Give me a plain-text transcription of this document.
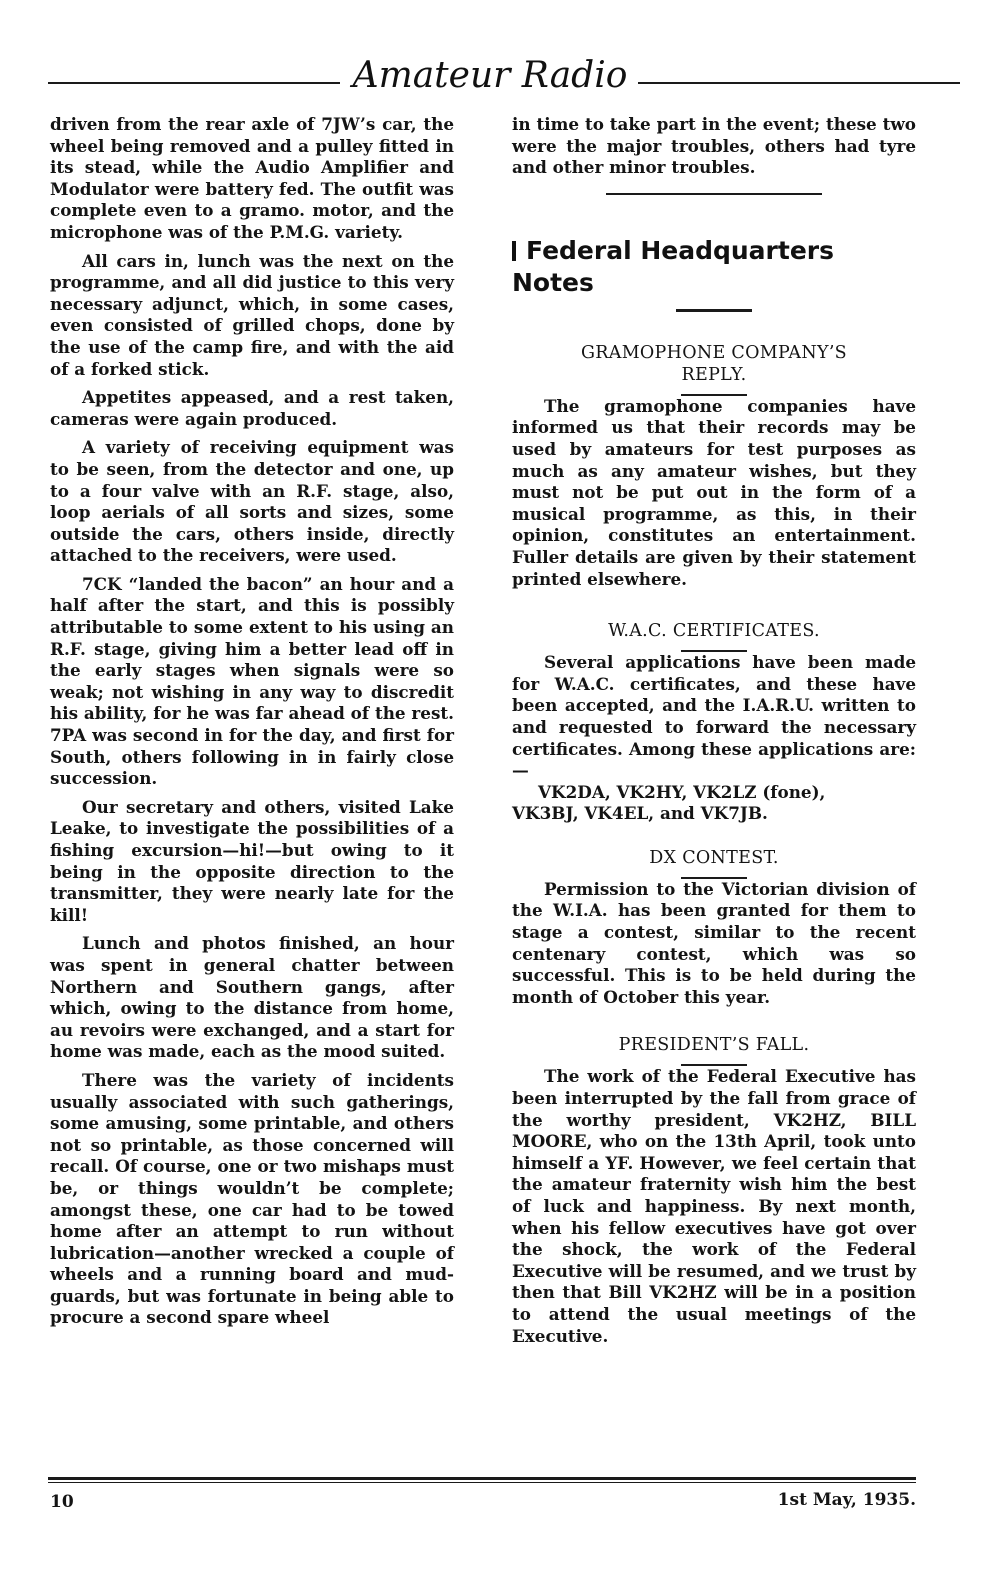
Amateur Radio

driven from the rear axle of 7JW’s car, the wheel being removed and a pulley fitted in its stead, while the Audio Amplifier and Modulator were battery fed. The outfit was complete even to a gramo. motor, and the microphone was of the P.M.G. variety.

All cars in, lunch was the next on the programme, and all did justice to this very necessary adjunct, which, in some cases, even consisted of grilled chops, done by the use of the camp fire, and with the aid of a forked stick.

Appetites appeased, and a rest taken, cameras were again produced.

A variety of receiving equipment was to be seen, from the detector and one, up to a four valve with an R.F. stage, also, loop aerials of all sorts and sizes, some outside the cars, others inside, directly attached to the receivers, were used.

7CK “landed the bacon” an hour and a half after the start, and this is possibly attributable to some extent to his using an R.F. stage, giving him a better lead off in the early stages when signals were so weak; not wishing in any way to discredit his ability, for he was far ahead of the rest. 7PA was second in for the day, and first for South, others following in in fairly close succession.

Our secretary and others, visited Lake Leake, to investigate the possibilities of a fishing excursion—hi!—but owing to it being in the opposite direction to the transmitter, they were nearly late for the kill!

Lunch and photos finished, an hour was spent in general chatter between Northern and Southern gangs, after which, owing to the distance from home, au revoirs were exchanged, and a start for home was made, each as the mood suited.

There was the variety of incidents usually associated with such gatherings, some amusing, some printable, and others not so printable, as those concerned will recall. Of course, one or two mishaps must be, or things wouldn’t be complete; amongst these, one car had to be towed home after an attempt to run without lubrication—another wrecked a couple of wheels and a running board and mudguards, but was fortunate in being able to procure a second spare wheel

in time to take part in the event; these two were the major troubles, others had tyre and other minor troubles.

Federal Headquarters Notes
GRAMOPHONE COMPANY’S
REPLY.

The gramophone companies have informed us that their records may be used by amateurs for test purposes as much as any amateur wishes, but they must not be put out in the form of a musical programme, as this, in their opinion, constitutes an entertainment. Fuller details are given by their statement printed elsewhere.

W.A.C. CERTIFICATES.

Several applications have been made for W.A.C. certificates, and these have been accepted, and the I.A.R.U. written to and requested to forward the necessary certificates. Among these applications are:—

VK2DA, VK2HY, VK2LZ (fone),

VK3BJ, VK4EL, and VK7JB.

DX CONTEST.

Permission to the Victorian division of the W.I.A. has been granted for them to stage a contest, similar to the recent centenary contest, which was so successful. This is to be held during the month of October this year.

PRESIDENT’S FALL.

The work of the Federal Executive has been interrupted by the fall from grace of the worthy president, VK2HZ, BILL MOORE, who on the 13th April, took unto himself a YF. However, we feel certain that the amateur fraternity wish him the best of luck and happiness. By next month, when his fellow executives have got over the shock, the work of the Federal Executive will be resumed, and we trust by then that Bill VK2HZ will be in a position to attend the usual meetings of the Executive.

10	1st May, 1935.
